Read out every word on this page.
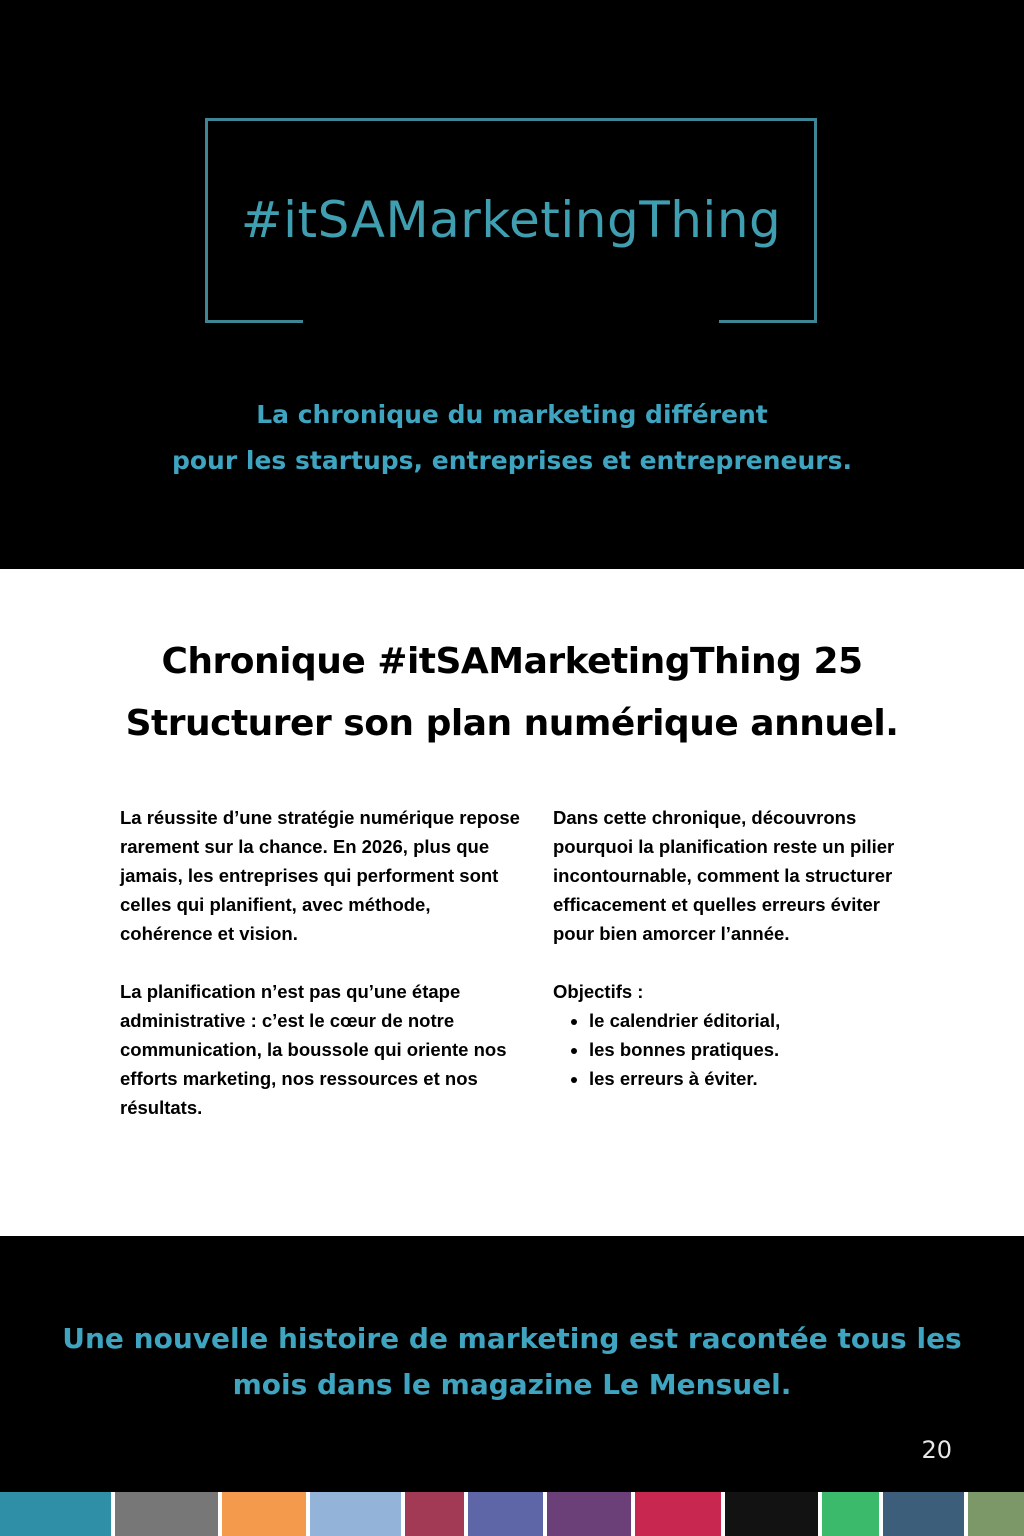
#itSAMarketingThing
La chronique du marketing différent
pour les startups, entreprises et entrepreneurs.
Chronique #itSAMarketingThing 25
Structurer son plan numérique annuel.

La réussite d’une stratégie numérique repose rarement sur la chance. En 2026, plus que jamais, les entreprises qui performent sont celles qui planifient, avec méthode, cohérence et vision.

La planification n’est pas qu’une étape administrative : c’est le cœur de notre communication, la boussole qui oriente nos efforts marketing, nos ressources et nos résultats.

Dans cette chronique, découvrons pourquoi la planification reste un pilier incontournable, comment la structurer efficacement et quelles erreurs éviter pour bien amorcer l’année.

Objectifs :
• le calendrier éditorial,
• les bonnes pratiques.
• les erreurs à éviter.
Une nouvelle histoire de marketing est racontée tous les
mois dans le magazine Le Mensuel.
20
